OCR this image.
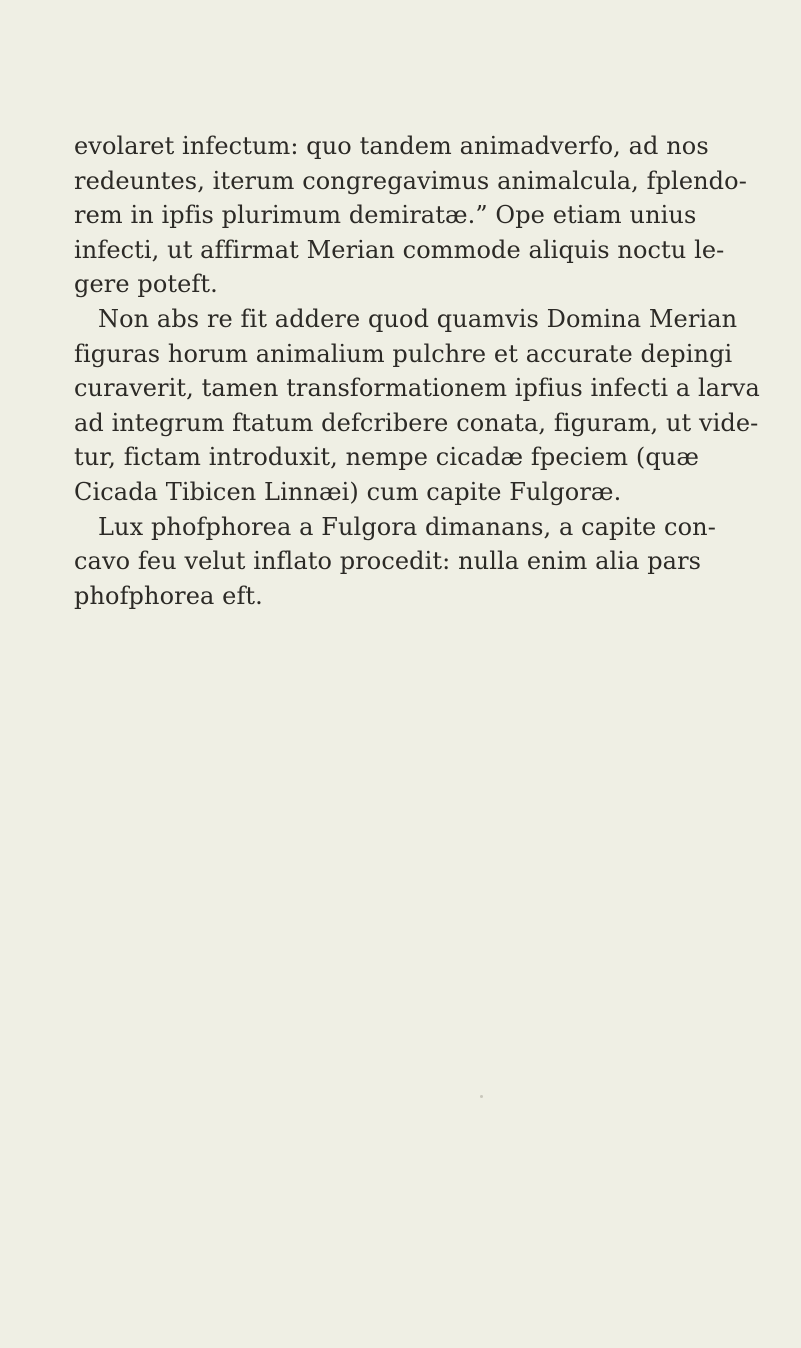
evolaret infectum: quo tandem animadverfo, ad nos
redeuntes, iterum congregavimus animalcula, fplendo-
rem in ipfis plurimum demiratæ.” Ope etiam unius
infecti, ut affirmat Merian commode aliquis noctu le-
gere poteft.
Non abs re fit addere quod quamvis Domina Merian
figuras horum animalium pulchre et accurate depingi
curaverit, tamen transformationem ipfius infecti a larva
ad integrum ftatum defcribere conata, figuram, ut vide-
tur, fictam introduxit, nempe cicadæ fpeciem (quæ
Cicada Tibicen Linnæi) cum capite Fulgoræ.
Lux phofphorea a Fulgora dimanans, a capite con-
cavo feu velut inflato procedit: nulla enim alia pars
phofphorea eft.
